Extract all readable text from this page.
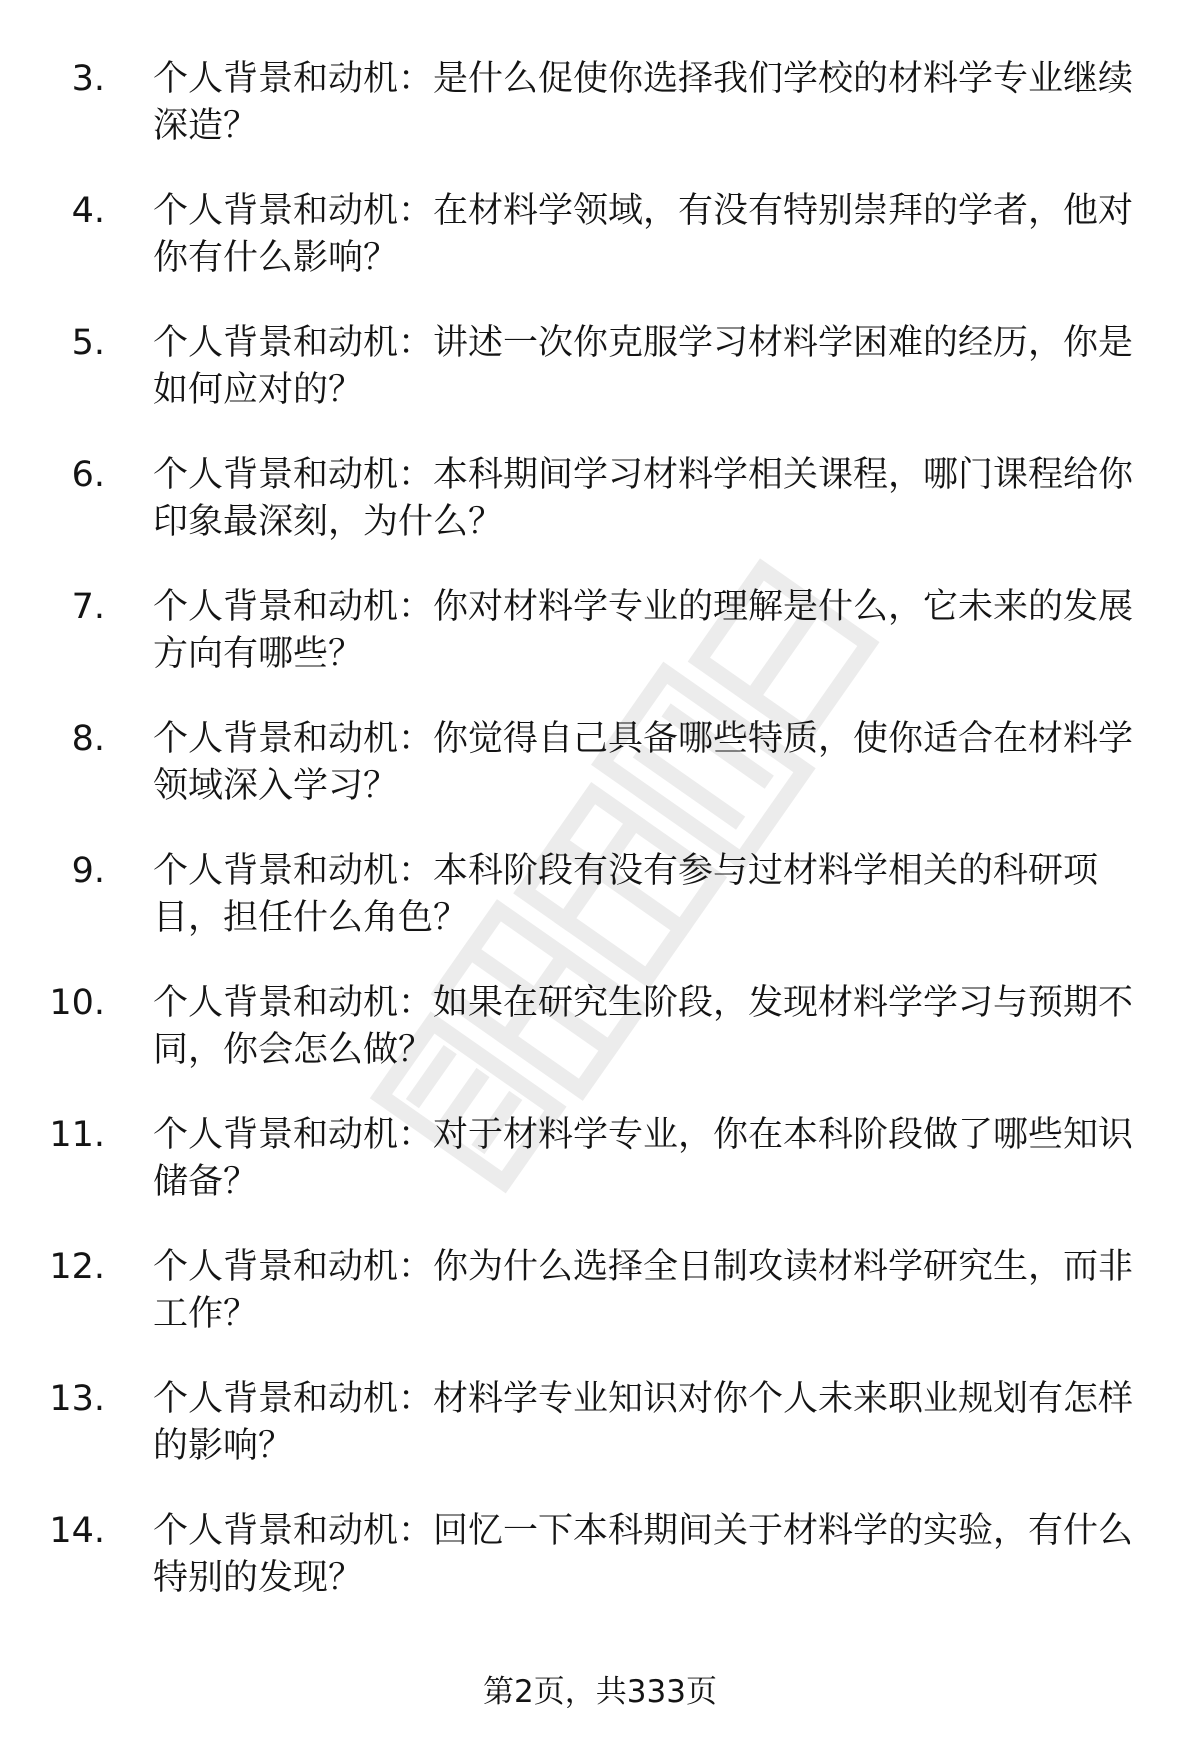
3.	个人背景和动机：是什么促使你选择我们学校的材料学专业继续深造？
4.	个人背景和动机：在材料学领域，有没有特别崇拜的学者，他对你有什么影响？
5.	个人背景和动机：讲述一次你克服学习材料学困难的经历，你是如何应对的？
6.	个人背景和动机：本科期间学习材料学相关课程，哪门课程给你印象最深刻，为什么？
7.	个人背景和动机：你对材料学专业的理解是什么，它未来的发展方向有哪些？
8.	个人背景和动机：你觉得自己具备哪些特质，使你适合在材料学领域深入学习？
9.	个人背景和动机：本科阶段有没有参与过材料学相关的科研项目，担任什么角色？
10.	个人背景和动机：如果在研究生阶段，发现材料学学习与预期不同，你会怎么做？
11.	个人背景和动机：对于材料学专业，你在本科阶段做了哪些知识储备？
12.	个人背景和动机：你为什么选择全日制攻读材料学研究生，而非工作？
13.	个人背景和动机：材料学专业知识对你个人未来职业规划有怎样的影响？
14.	个人背景和动机：回忆一下本科期间关于材料学的实验，有什么特别的发现？
第2页，共333页
